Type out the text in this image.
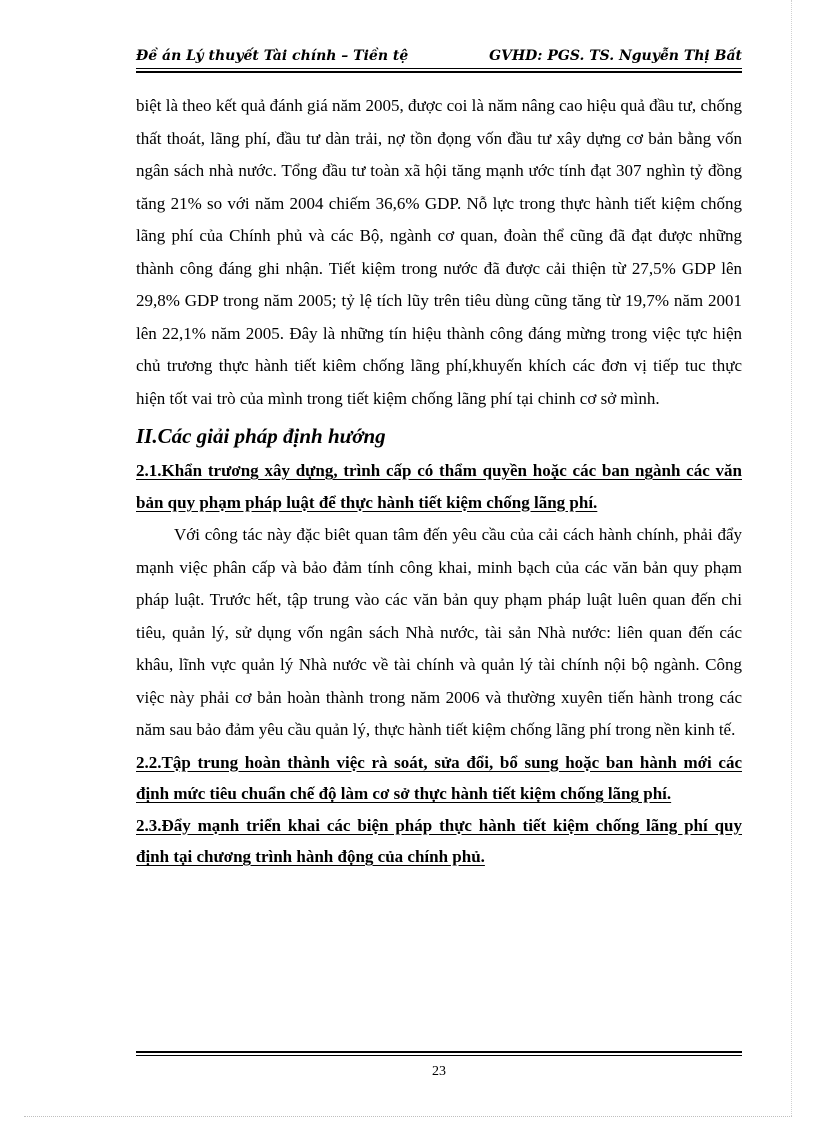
Đề án Lý thuyết Tài chính – Tiền tệ	GVHD: PGS. TS. Nguyễn Thị Bất

biệt là theo kết quả đánh giá năm 2005, được coi là năm nâng cao hiệu quả đầu tư, chống thất thoát, lãng phí, đầu tư dàn trải, nợ tồn đọng vốn đầu tư xây dựng cơ bản bằng vốn ngân sách nhà nước. Tổng đầu tư toàn xã hội tăng mạnh ước tính đạt 307 nghìn tỷ đồng tăng 21% so với năm 2004 chiếm 36,6% GDP. Nỗ lực trong thực hành tiết kiệm chống lãng phí của Chính phủ và các Bộ, ngành cơ quan, đoàn thể cũng đã đạt được những thành công đáng ghi nhận. Tiết kiệm trong nước đã được cải thiện từ 27,5% GDP lên 29,8% GDP trong năm 2005; tỷ lệ tích lũy trên tiêu dùng cũng tăng từ 19,7% năm 2001 lên 22,1% năm 2005. Đây là những tín hiệu thành công đáng mừng trong việc tực hiện chủ trương thực hành tiết kiêm chống lãng phí,khuyến khích các đơn vị tiếp tuc thực hiện tốt vai trò của mình trong tiết kiệm chống lãng phí tại chinh cơ sở mình.

II.Các giải pháp định hướng

2.1.Khẩn trương xây dựng, trình cấp có thẩm quyền hoặc các ban ngành các văn bản quy phạm pháp luật để thực hành tiết kiệm chống lãng phí.

Với công tác này đặc biêt quan tâm đến yêu cầu của cải cách hành chính, phải đẩy mạnh việc phân cấp và bảo đảm tính công khai, minh bạch của các văn bản quy phạm pháp luật. Trước hết, tập trung vào các văn bản quy phạm pháp luật luên quan đến chi tiêu, quản lý, sử dụng vốn ngân sách Nhà nước, tài sản Nhà nước: liên quan đến các khâu, lĩnh vực quản lý Nhà nước về tài chính và quản lý tài chính nội bộ ngành. Công việc này phải cơ bản hoàn thành trong năm 2006 và thường xuyên tiến hành trong các năm sau bảo đảm yêu cầu quản lý, thực hành tiết kiệm chống lãng phí trong nền kinh tế.

2.2.Tập trung hoàn thành việc rà soát, sửa đổi, bổ sung hoặc ban hành mới các định mức tiêu chuẩn chế độ làm cơ sở thực hành tiết kiệm chống lãng phí.

2.3.Đẩy mạnh triển khai các biện pháp thực hành tiết kiệm chống lãng phí quy định tại chương trình hành động của chính phủ.

23
